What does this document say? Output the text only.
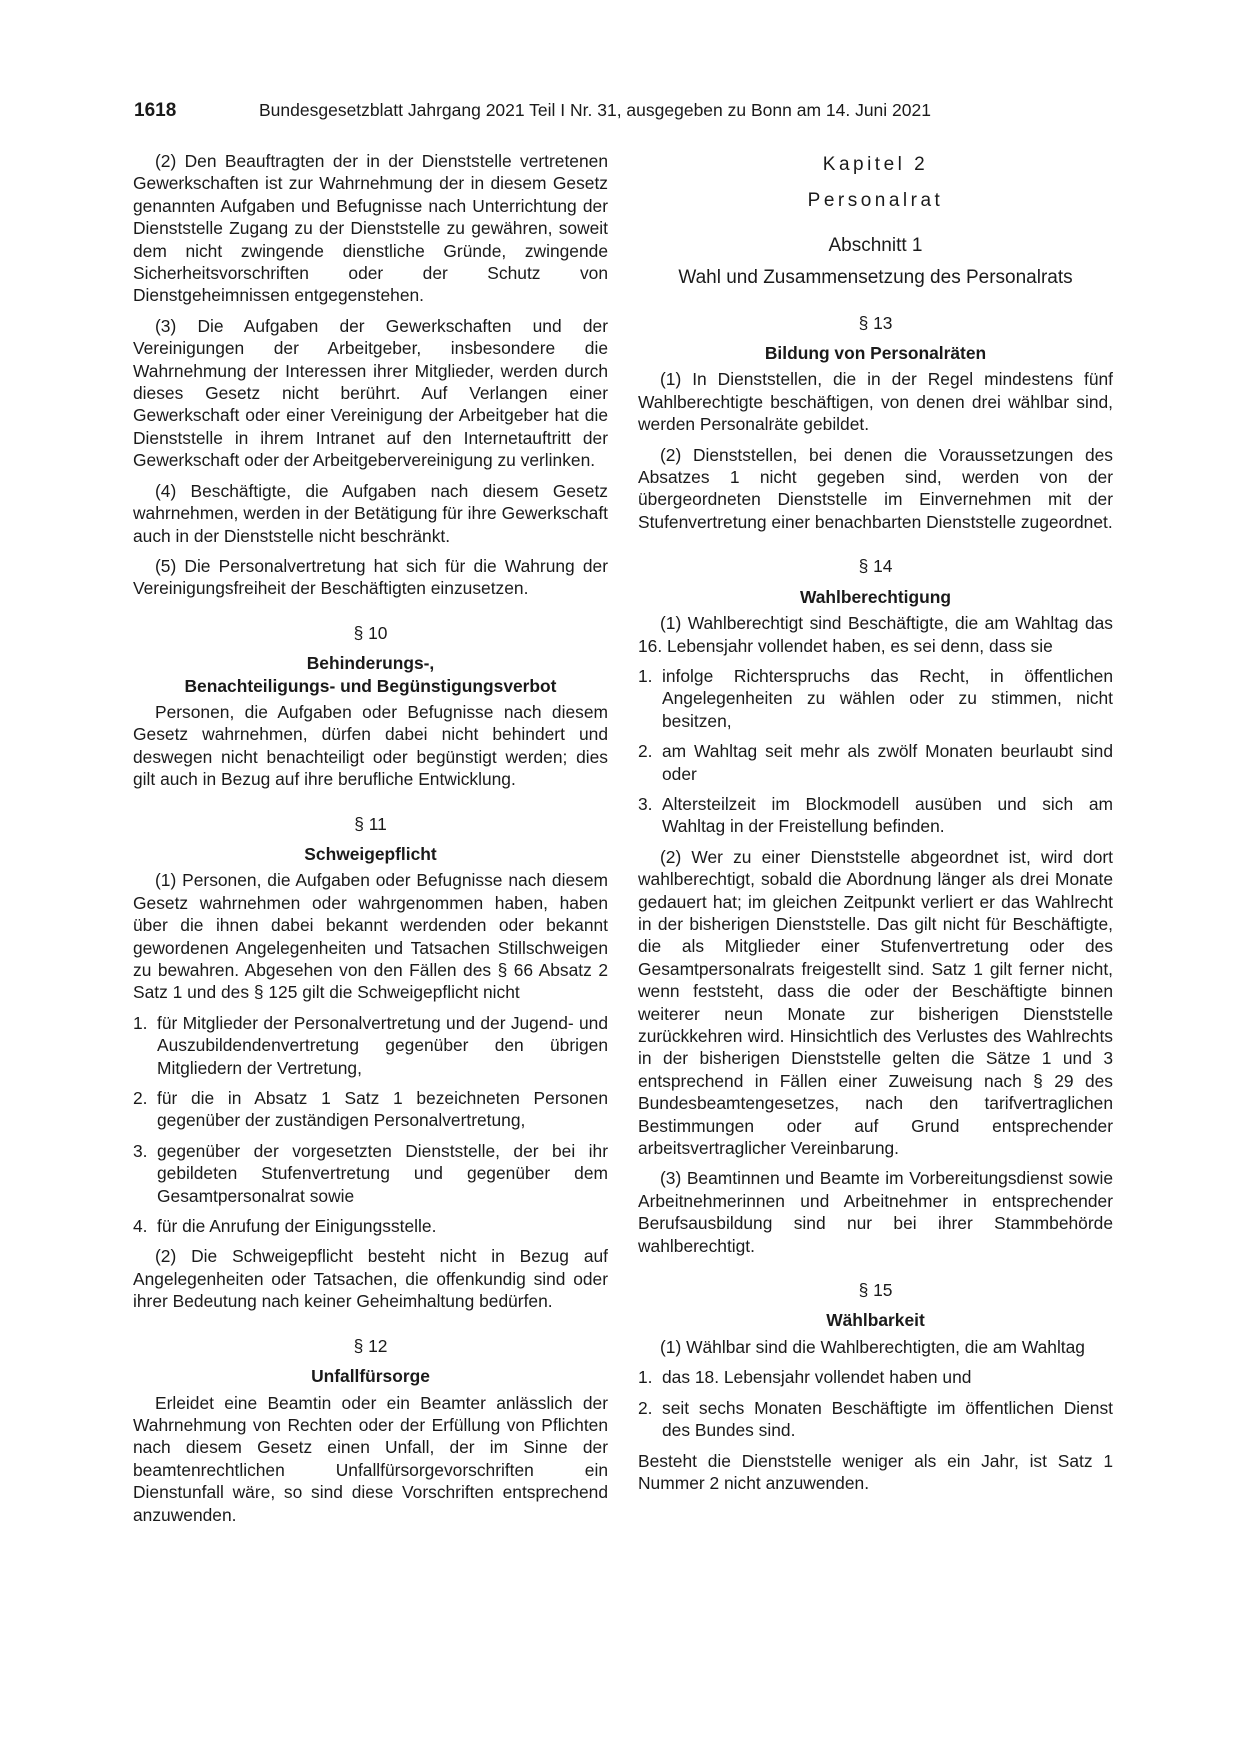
1618	Bundesgesetzblatt Jahrgang 2021 Teil I Nr. 31, ausgegeben zu Bonn am 14. Juni 2021

(2) Den Beauftragten der in der Dienststelle vertretenen Gewerkschaften ist zur Wahrnehmung der in diesem Gesetz genannten Aufgaben und Befugnisse nach Unterrichtung der Dienststelle Zugang zu der Dienststelle zu gewähren, soweit dem nicht zwingende dienstliche Gründe, zwingende Sicherheitsvorschriften oder der Schutz von Dienstgeheimnissen entgegenstehen.

(3) Die Aufgaben der Gewerkschaften und der Vereinigungen der Arbeitgeber, insbesondere die Wahrnehmung der Interessen ihrer Mitglieder, werden durch dieses Gesetz nicht berührt. Auf Verlangen einer Gewerkschaft oder einer Vereinigung der Arbeitgeber hat die Dienststelle in ihrem Intranet auf den Internetauftritt der Gewerkschaft oder der Arbeitgebervereinigung zu verlinken.

(4) Beschäftigte, die Aufgaben nach diesem Gesetz wahrnehmen, werden in der Betätigung für ihre Gewerkschaft auch in der Dienststelle nicht beschränkt.

(5) Die Personalvertretung hat sich für die Wahrung der Vereinigungsfreiheit der Beschäftigten einzusetzen.

§ 10
Behinderungs-,
Benachteiligungs- und Begünstigungsverbot

Personen, die Aufgaben oder Befugnisse nach diesem Gesetz wahrnehmen, dürfen dabei nicht behindert und deswegen nicht benachteiligt oder begünstigt werden; dies gilt auch in Bezug auf ihre berufliche Entwicklung.

§ 11
Schweigepflicht

(1) Personen, die Aufgaben oder Befugnisse nach diesem Gesetz wahrnehmen oder wahrgenommen haben, haben über die ihnen dabei bekannt werdenden oder bekannt gewordenen Angelegenheiten und Tatsachen Stillschweigen zu bewahren. Abgesehen von den Fällen des § 66 Absatz 2 Satz 1 und des § 125 gilt die Schweigepflicht nicht

1. für Mitglieder der Personalvertretung und der Jugend- und Auszubildendenvertretung gegenüber den übrigen Mitgliedern der Vertretung,
2. für die in Absatz 1 Satz 1 bezeichneten Personen gegenüber der zuständigen Personalvertretung,
3. gegenüber der vorgesetzten Dienststelle, der bei ihr gebildeten Stufenvertretung und gegenüber dem Gesamtpersonalrat sowie
4. für die Anrufung der Einigungsstelle.

(2) Die Schweigepflicht besteht nicht in Bezug auf Angelegenheiten oder Tatsachen, die offenkundig sind oder ihrer Bedeutung nach keiner Geheimhaltung bedürfen.

§ 12
Unfallfürsorge

Erleidet eine Beamtin oder ein Beamter anlässlich der Wahrnehmung von Rechten oder der Erfüllung von Pflichten nach diesem Gesetz einen Unfall, der im Sinne der beamtenrechtlichen Unfallfürsorgevorschriften ein Dienstunfall wäre, so sind diese Vorschriften entsprechend anzuwenden.

Kapitel 2
Personalrat
Abschnitt 1
Wahl und Zusammensetzung des Personalrats
§ 13
Bildung von Personalräten

(1) In Dienststellen, die in der Regel mindestens fünf Wahlberechtigte beschäftigen, von denen drei wählbar sind, werden Personalräte gebildet.

(2) Dienststellen, bei denen die Voraussetzungen des Absatzes 1 nicht gegeben sind, werden von der übergeordneten Dienststelle im Einvernehmen mit der Stufenvertretung einer benachbarten Dienststelle zugeordnet.

§ 14
Wahlberechtigung

(1) Wahlberechtigt sind Beschäftigte, die am Wahltag das 16. Lebensjahr vollendet haben, es sei denn, dass sie

1. infolge Richterspruchs das Recht, in öffentlichen Angelegenheiten zu wählen oder zu stimmen, nicht besitzen,
2. am Wahltag seit mehr als zwölf Monaten beurlaubt sind oder
3. Altersteilzeit im Blockmodell ausüben und sich am Wahltag in der Freistellung befinden.

(2) Wer zu einer Dienststelle abgeordnet ist, wird dort wahlberechtigt, sobald die Abordnung länger als drei Monate gedauert hat; im gleichen Zeitpunkt verliert er das Wahlrecht in der bisherigen Dienststelle. Das gilt nicht für Beschäftigte, die als Mitglieder einer Stufenvertretung oder des Gesamtpersonalrats freigestellt sind. Satz 1 gilt ferner nicht, wenn feststeht, dass die oder der Beschäftigte binnen weiterer neun Monate zur bisherigen Dienststelle zurückkehren wird. Hinsichtlich des Verlustes des Wahlrechts in der bisherigen Dienststelle gelten die Sätze 1 und 3 entsprechend in Fällen einer Zuweisung nach § 29 des Bundesbeamtengesetzes, nach den tarifvertraglichen Bestimmungen oder auf Grund entsprechender arbeitsvertraglicher Vereinbarung.

(3) Beamtinnen und Beamte im Vorbereitungsdienst sowie Arbeitnehmerinnen und Arbeitnehmer in entsprechender Berufsausbildung sind nur bei ihrer Stammbehörde wahlberechtigt.

§ 15
Wählbarkeit

(1) Wählbar sind die Wahlberechtigten, die am Wahltag

1. das 18. Lebensjahr vollendet haben und
2. seit sechs Monaten Beschäftigte im öffentlichen Dienst des Bundes sind.

Besteht die Dienststelle weniger als ein Jahr, ist Satz 1 Nummer 2 nicht anzuwenden.
